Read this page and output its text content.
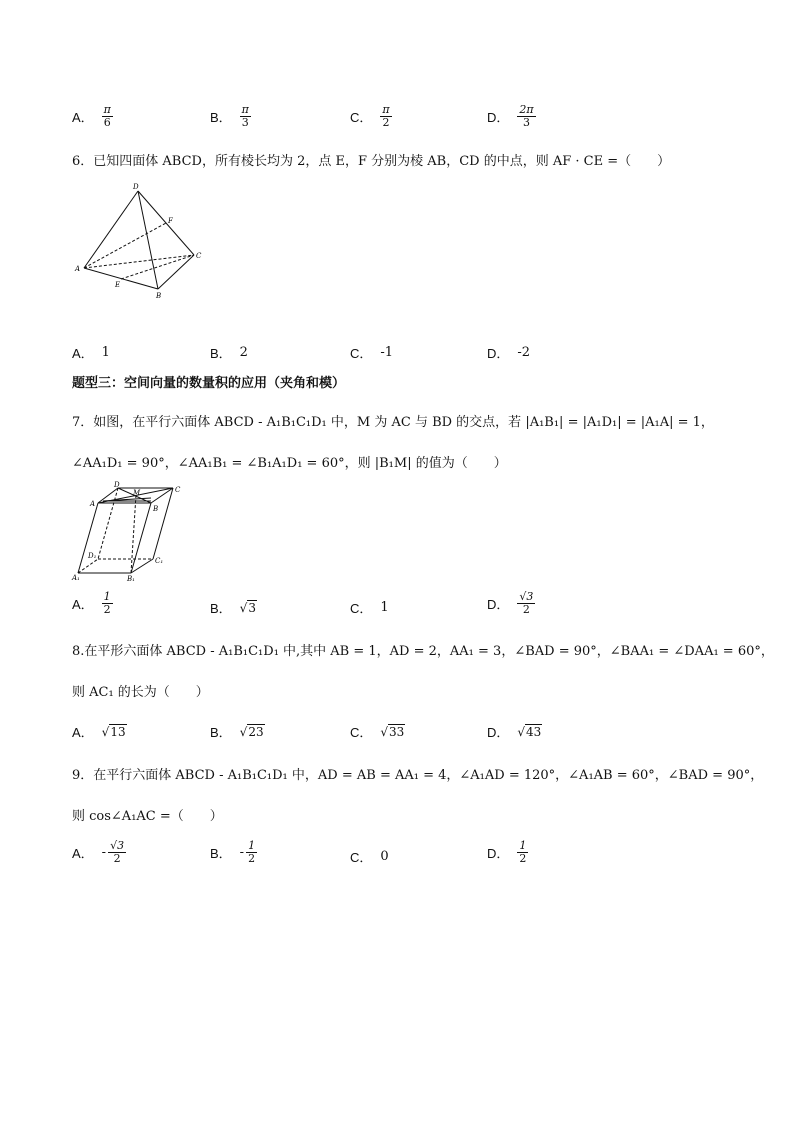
A． $\frac{\pi}{6}$	B． $\frac{\pi}{3}$	C． $\frac{\pi}{2}$	D． $\frac{2\pi}{3}$
6．已知四面体 ABCD，所有棱长均为 2，点 E，F 分别为棱 AB，CD 的中点，则 AF · CE =（　　）
D
F
A
C
E
B
A． 1	B． 2	C． -1	D． -2
题型三：空间向量的数量积的应用（夹角和模）
7．如图，在平行六面体 ABCD - A₁B₁C₁D₁ 中，M 为 AC 与 BD 的交点，若 |A₁B₁| = |A₁D₁| = |A₁A| = 1，
∠AA₁D₁ = 90°，∠AA₁B₁ = ∠B₁A₁D₁ = 60°，则 |B₁M| 的值为（　　）
D
M	C
A
B
D₁
C₁
A₁	B₁
A． $\frac{1}{2}$	B． √3	C． 1	D． $\frac{√3}{2}$
8.在平形六面体 ABCD - A₁B₁C₁D₁ 中,其中 AB = 1，AD = 2，AA₁ = 3，∠BAD = 90°，∠BAA₁ = ∠DAA₁ = 60°，
则 AC₁ 的长为（　　）
A． √13	B． √23	C． √33	D． √43
9．在平行六面体 ABCD - A₁B₁C₁D₁ 中，AD = AB = AA₁ = 4，∠A₁AD = 120°，∠A₁AB = 60°，∠BAD = 90°，
则 cos∠A₁AC =（　　）
A． - $\frac{√3}{2}$	B． - $\frac{1}{2}$	C． 0	D． $\frac{1}{2}$
